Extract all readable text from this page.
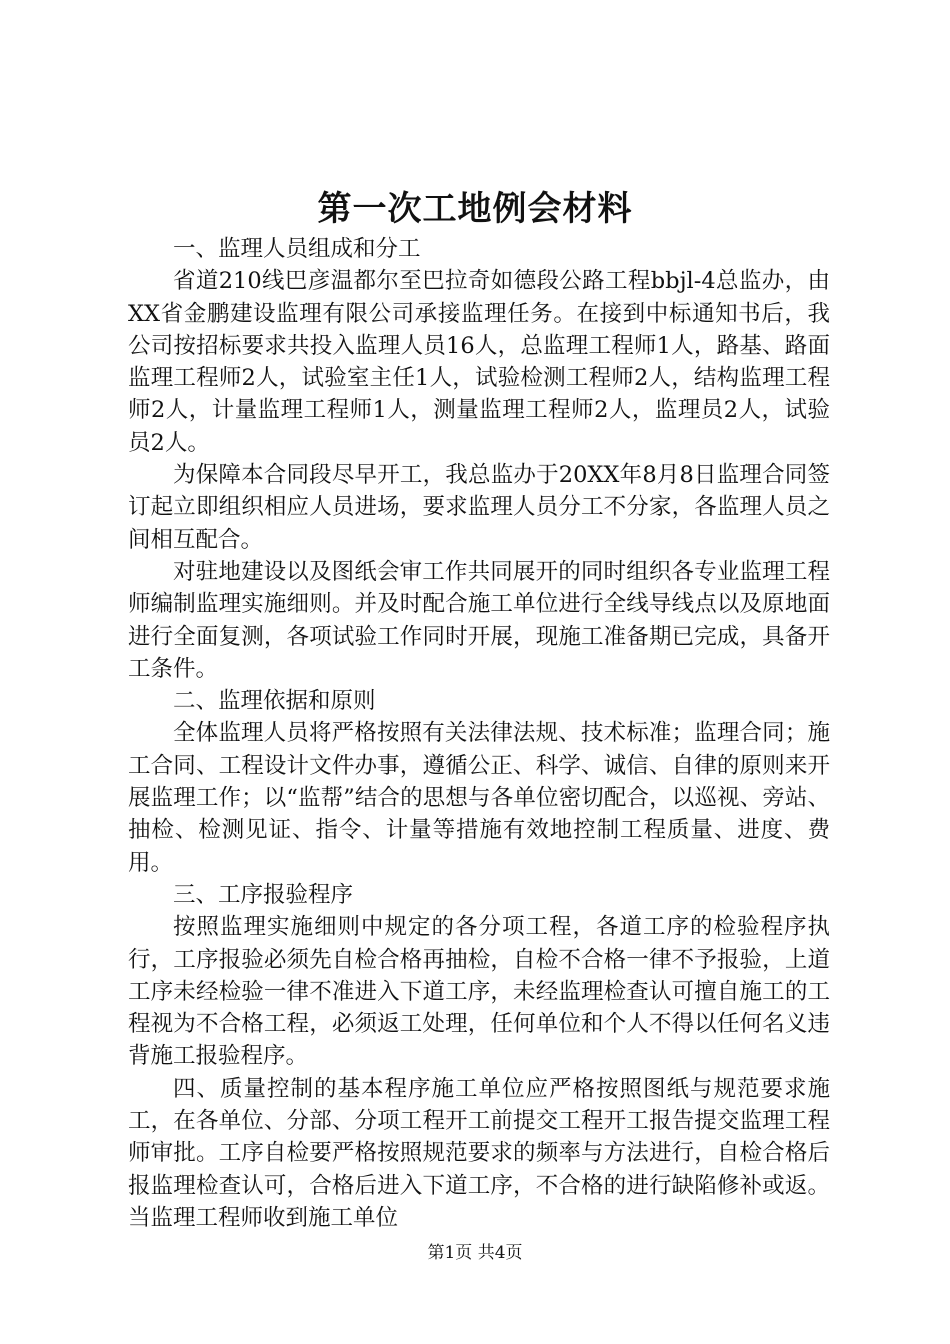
第一次工地例会材料

一、监理人员组成和分工

省道210线巴彦温都尔至巴拉奇如德段公路工程bbjl-4总监办，由XX省金鹏建设监理有限公司承接监理任务。在接到中标通知书后，我公司按招标要求共投入监理人员16人，总监理工程师1人，路基、路面监理工程师2人，试验室主任1人，试验检测工程师2人，结构监理工程师2人，计量监理工程师1人，测量监理工程师2人，监理员2人，试验员2人。

为保障本合同段尽早开工，我总监办于20XX年8月8日监理合同签订起立即组织相应人员进场，要求监理人员分工不分家，各监理人员之间相互配合。

对驻地建设以及图纸会审工作共同展开的同时组织各专业监理工程师编制监理实施细则。并及时配合施工单位进行全线导线点以及原地面进行全面复测，各项试验工作同时开展，现施工准备期已完成，具备开工条件。

二、监理依据和原则

全体监理人员将严格按照有关法律法规、技术标准；监理合同；施工合同、工程设计文件办事，遵循公正、科学、诚信、自律的原则来开展监理工作；以“监帮”结合的思想与各单位密切配合，以巡视、旁站、抽检、检测见证、指令、计量等措施有效地控制工程质量、进度、费用。

三、工序报验程序

按照监理实施细则中规定的各分项工程，各道工序的检验程序执行，工序报验必须先自检合格再抽检，自检不合格一律不予报验，上道工序未经检验一律不准进入下道工序，未经监理检查认可擅自施工的工程视为不合格工程，必须返工处理，任何单位和个人不得以任何名义违背施工报验程序。

四、质量控制的基本程序施工单位应严格按照图纸与规范要求施工，在各单位、分部、分项工程开工前提交工程开工报告提交监理工程师审批。工序自检要严格按照规范要求的频率与方法进行，自检合格后报监理检查认可，合格后进入下道工序，不合格的进行缺陷修补或返。当监理工程师收到施工单位

第1页 共4页
